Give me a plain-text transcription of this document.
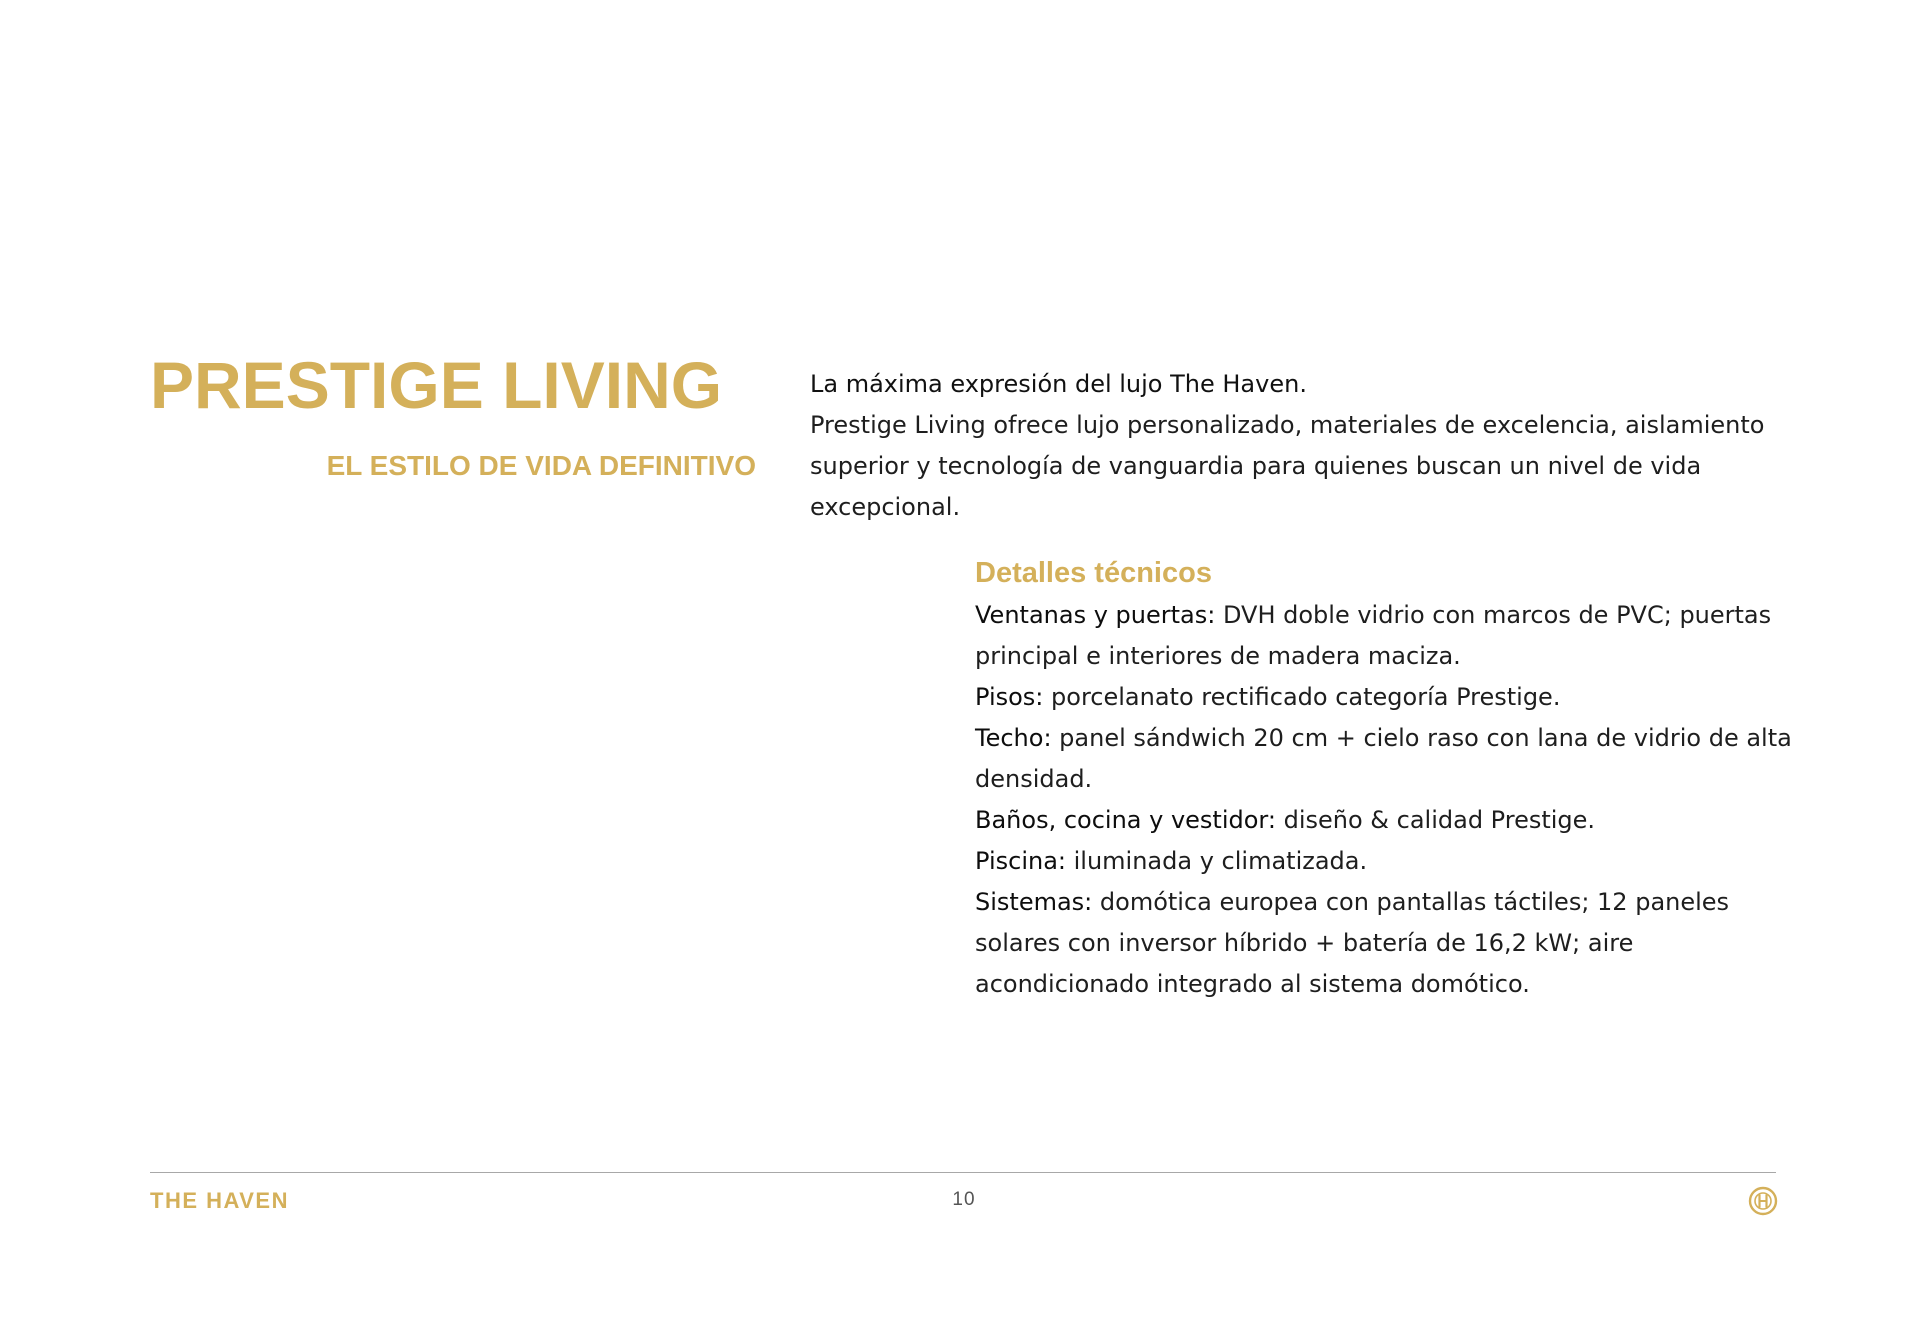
PRESTIGE LIVING
EL ESTILO DE VIDA DEFINITIVO

La máxima expresión del lujo The Haven.

Prestige Living ofrece lujo personalizado, materiales de excelencia, aislamiento superior y tecnología de vanguardia para quienes buscan un nivel de vida excepcional.

Detalles técnicos

Ventanas y puertas: DVH doble vidrio con marcos de PVC; puertas principal e interiores de madera maciza.

Pisos: porcelanato rectificado categoría Prestige.

Techo: panel sándwich 20 cm + cielo raso con lana de vidrio de alta densidad.

Baños, cocina y vestidor: diseño & calidad Prestige.

Piscina: iluminada y climatizada.

Sistemas: domótica europea con pantallas táctiles; 12 paneles solares con inversor híbrido + batería de 16,2 kW; aire acondicionado integrado al sistema domótico.

THE HAVEN	10
